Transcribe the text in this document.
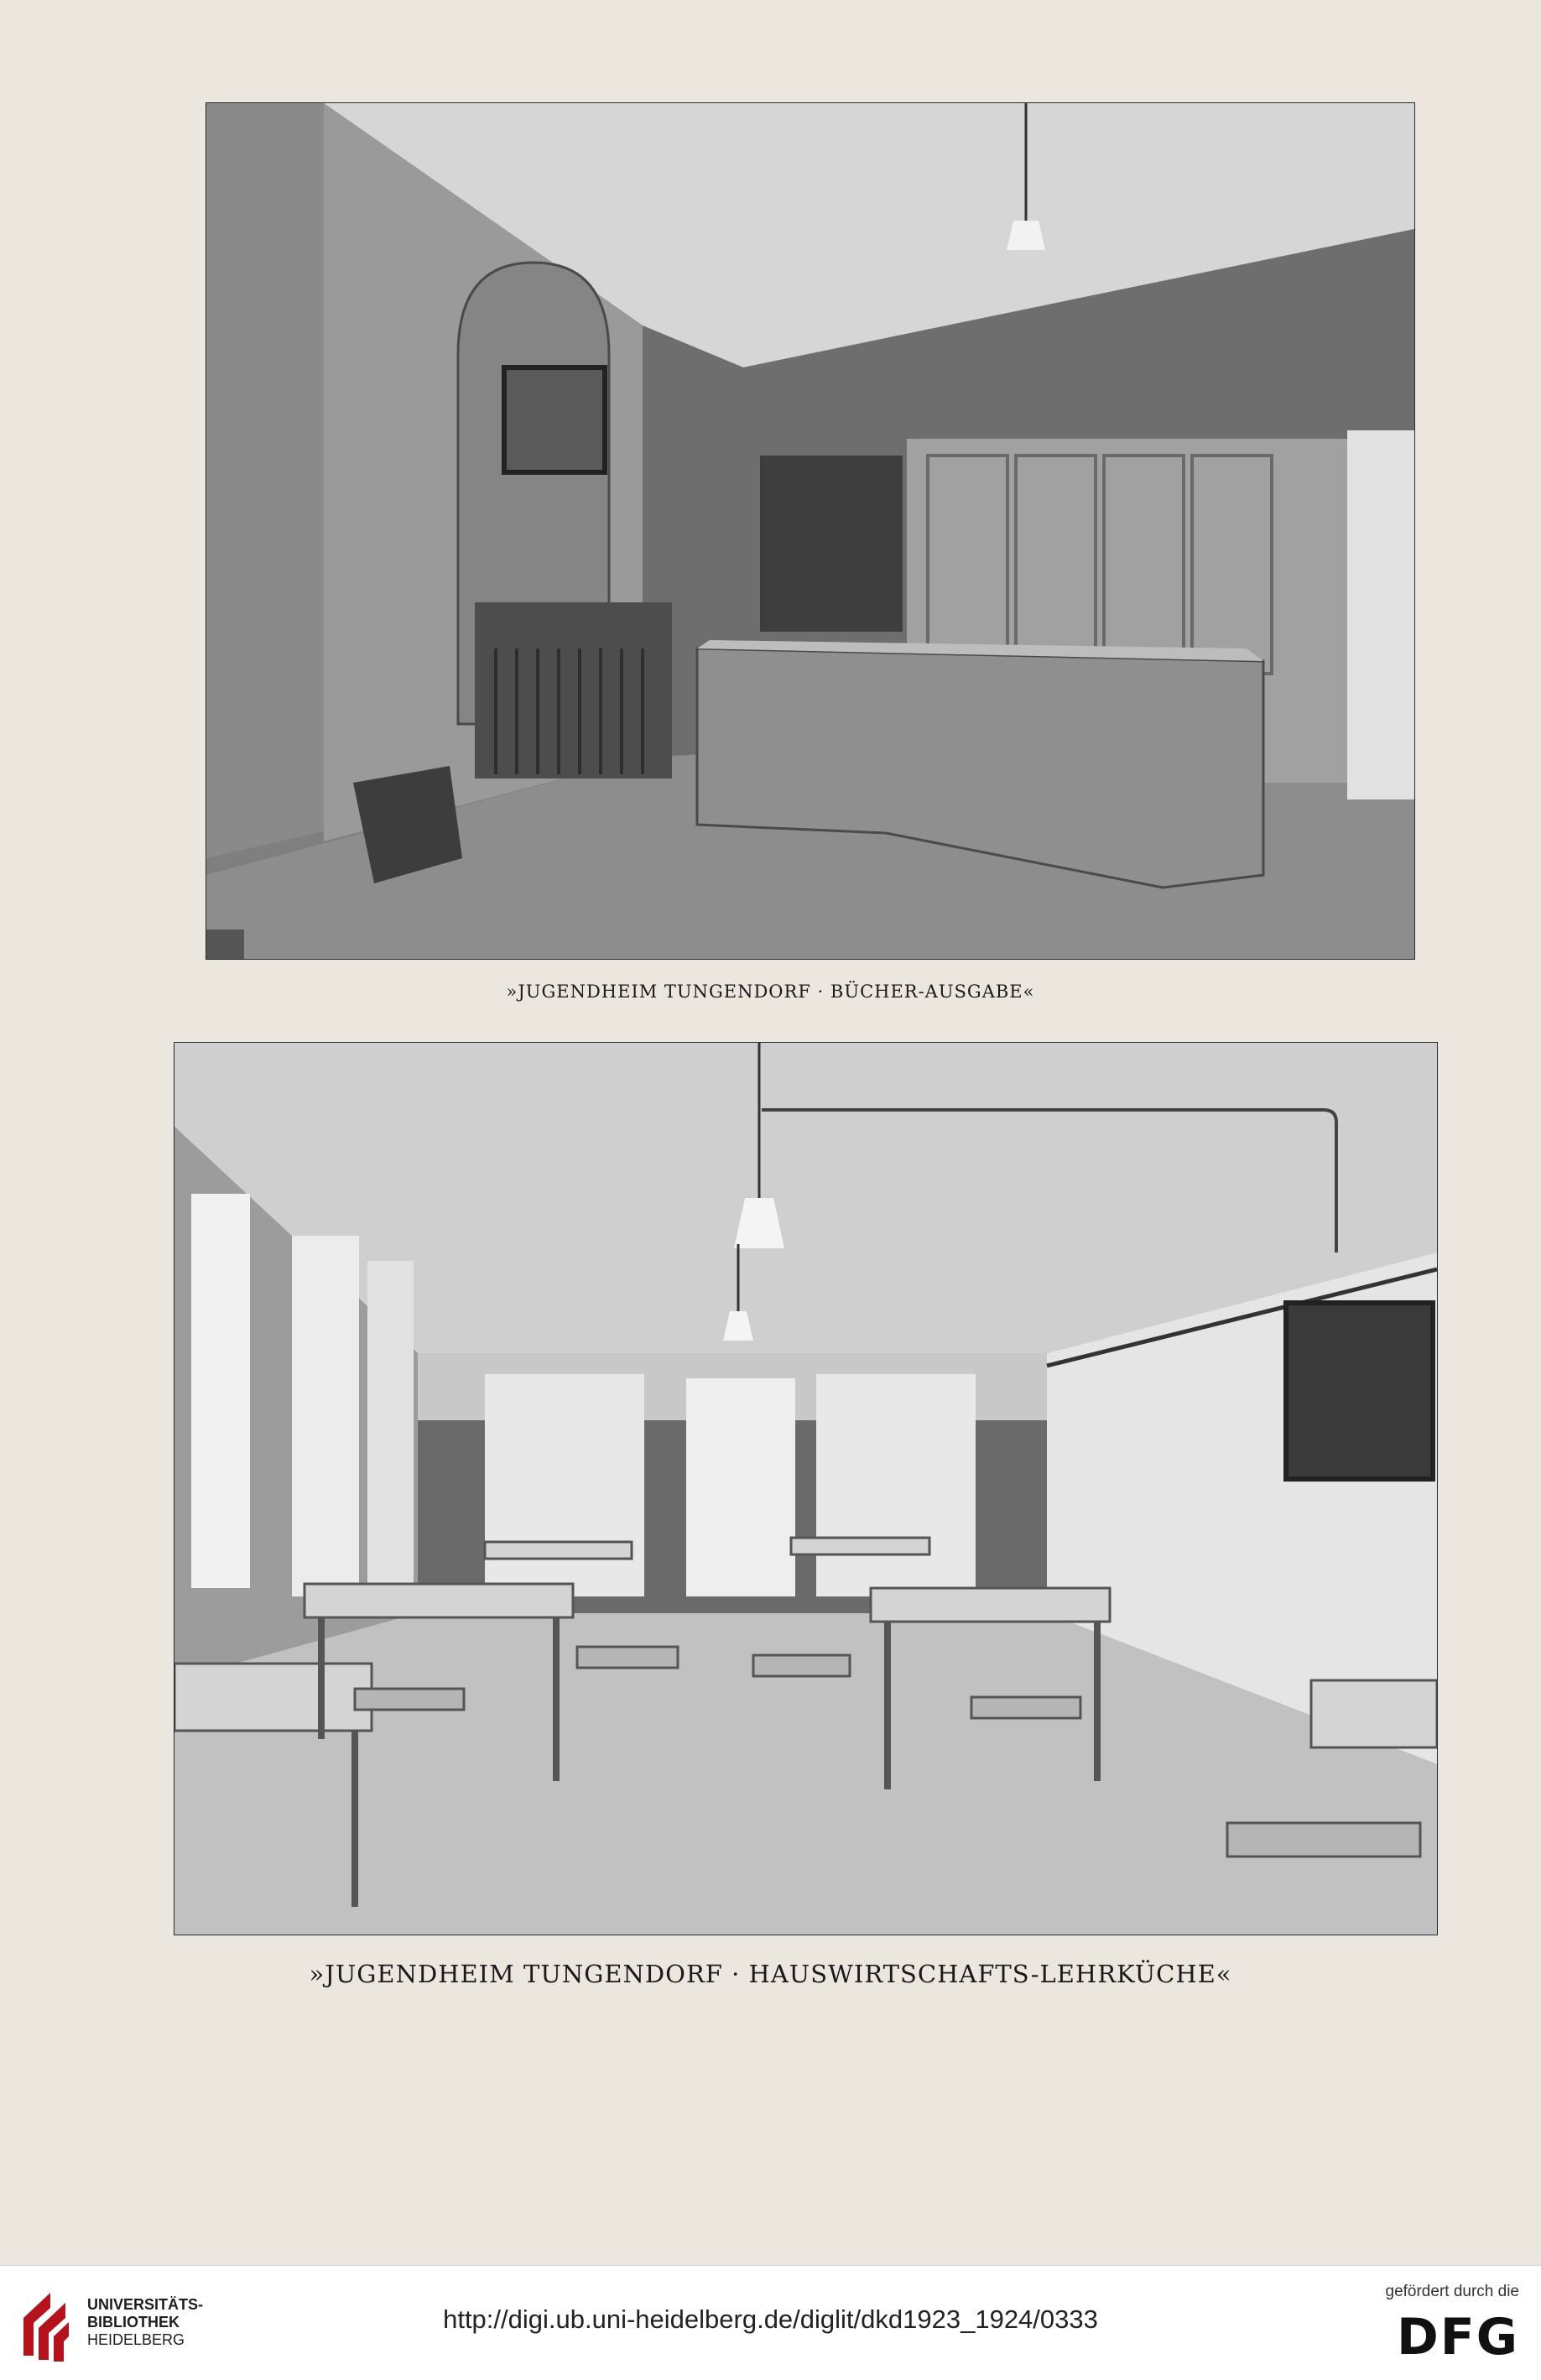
»JUGENDHEIM TUNGENDORF · BÜCHER-AUSGABE«
»JUGENDHEIM TUNGENDORF · HAUSWIRTSCHAFTS-LEHRKÜCHE«
UNIVERSITÄTS-
BIBLIOTHEK
HEIDELBERG
http://digi.ub.uni-heidelberg.de/diglit/dkd1923_1924/0333
gefördert durch die
DFG
